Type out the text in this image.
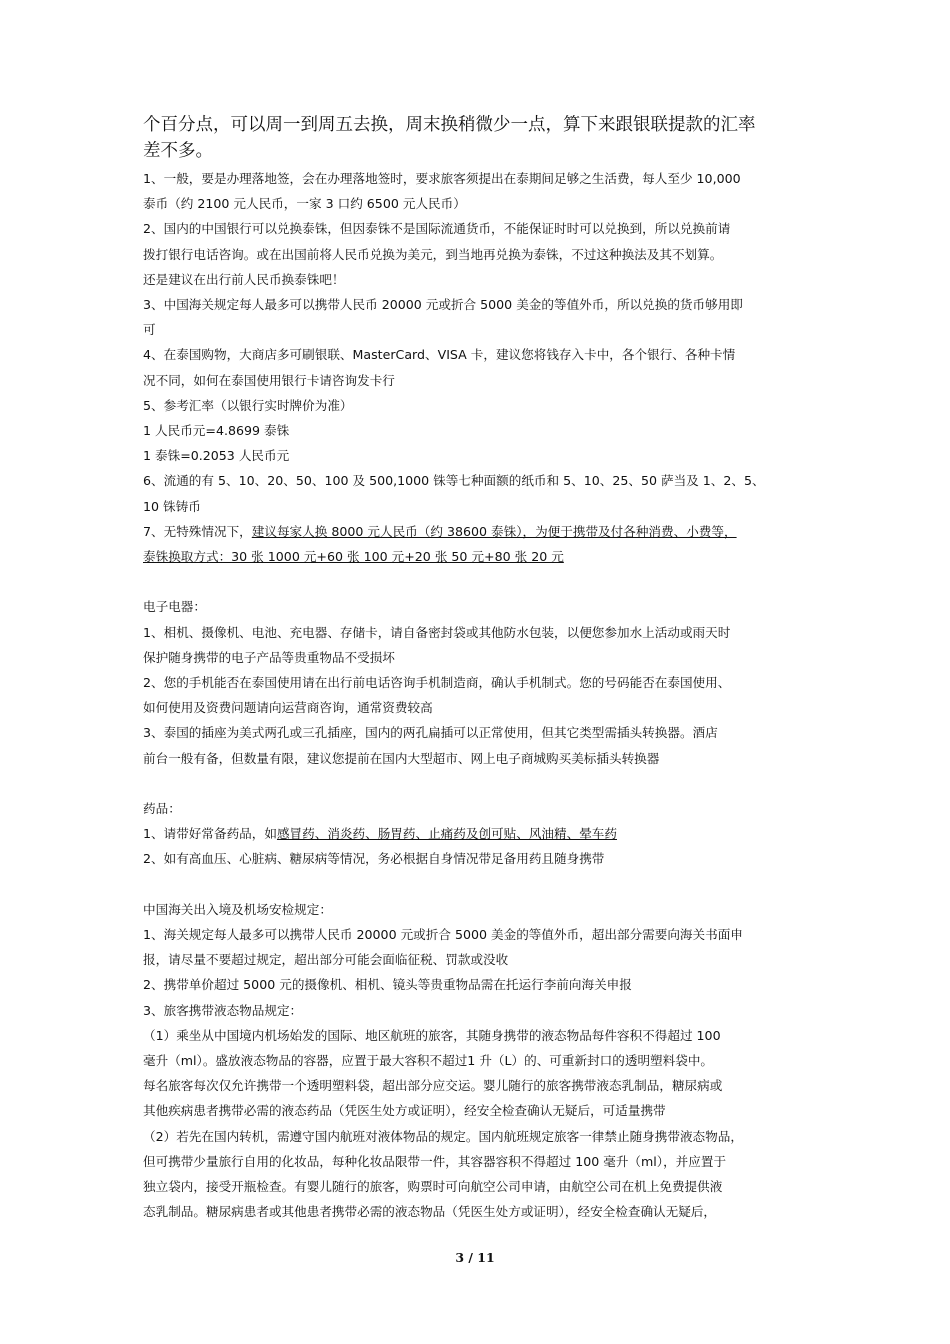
个百分点，可以周一到周五去换，周末换稍微少一点，算下来跟银联提款的汇率
差不多。

1、一般，要是办理落地签，会在办理落地签时，要求旅客须提出在泰期间足够之生活费，每人至少 10,000
泰币（约 2100 元人民币，一家 3 口约 6500 元人民币）
2、国内的中国银行可以兑换泰铢，但因泰铢不是国际流通货币，不能保证时时可以兑换到，所以兑换前请
拨打银行电话咨询。或在出国前将人民币兑换为美元，到当地再兑换为泰铢，不过这种换法及其不划算。
还是建议在出行前人民币换泰铢吧！
3、中国海关规定每人最多可以携带人民币 20000 元或折合 5000 美金的等值外币，所以兑换的货币够用即
可
4、在泰国购物，大商店多可刷银联、MasterCard、VISA 卡，建议您将钱存入卡中，各个银行、各种卡情
况不同，如何在泰国使用银行卡请咨询发卡行
5、参考汇率（以银行实时牌价为准）
1 人民币元=4.8699 泰铢
1 泰铢=0.2053 人民币元
6、流通的有 5、10、20、50、100 及 500,1000 铢等七种面额的纸币和 5、10、25、50 萨当及 1、2、5、
10 铢铸币
7、无特殊情况下，建议每家人换 8000 元人民币（约 38600 泰铢），为便于携带及付各种消费、小费等，
泰铢换取方式：30 张 1000 元+60 张 100 元+20 张 50 元+80 张 20 元
电子电器：
1、相机、摄像机、电池、充电器、存储卡，请自备密封袋或其他防水包装，以便您参加水上活动或雨天时
保护随身携带的电子产品等贵重物品不受损坏
2、您的手机能否在泰国使用请在出行前电话咨询手机制造商，确认手机制式。您的号码能否在泰国使用、
如何使用及资费问题请向运营商咨询，通常资费较高
3、泰国的插座为美式两孔或三孔插座，国内的两孔扁插可以正常使用，但其它类型需插头转换器。酒店
前台一般有备，但数量有限，建议您提前在国内大型超市、网上电子商城购买美标插头转换器
药品：
1、请带好常备药品，如感冒药、消炎药、肠胃药、止痛药及创可贴、风油精、晕车药
2、如有高血压、心脏病、糖尿病等情况，务必根据自身情况带足备用药且随身携带
中国海关出入境及机场安检规定：
1、海关规定每人最多可以携带人民币 20000 元或折合 5000 美金的等值外币，超出部分需要向海关书面申
报，请尽量不要超过规定，超出部分可能会面临征税、罚款或没收
2、携带单价超过 5000 元的摄像机、相机、镜头等贵重物品需在托运行李前向海关申报
3、旅客携带液态物品规定：
（1）乘坐从中国境内机场始发的国际、地区航班的旅客，其随身携带的液态物品每件容积不得超过 100
毫升（ml）。盛放液态物品的容器，应置于最大容积不超过1 升（L）的、可重新封口的透明塑料袋中。
每名旅客每次仅允许携带一个透明塑料袋，超出部分应交运。婴儿随行的旅客携带液态乳制品，糖尿病或
其他疾病患者携带必需的液态药品（凭医生处方或证明），经安全检查确认无疑后，可适量携带
（2）若先在国内转机，需遵守国内航班对液体物品的规定。国内航班规定旅客一律禁止随身携带液态物品，
但可携带少量旅行自用的化妆品，每种化妆品限带一件，其容器容积不得超过 100 毫升（ml），并应置于
独立袋内，接受开瓶检查。有婴儿随行的旅客，购票时可向航空公司申请，由航空公司在机上免费提供液
态乳制品。糖尿病患者或其他患者携带必需的液态物品（凭医生处方或证明），经安全检查确认无疑后，
3 / 11
